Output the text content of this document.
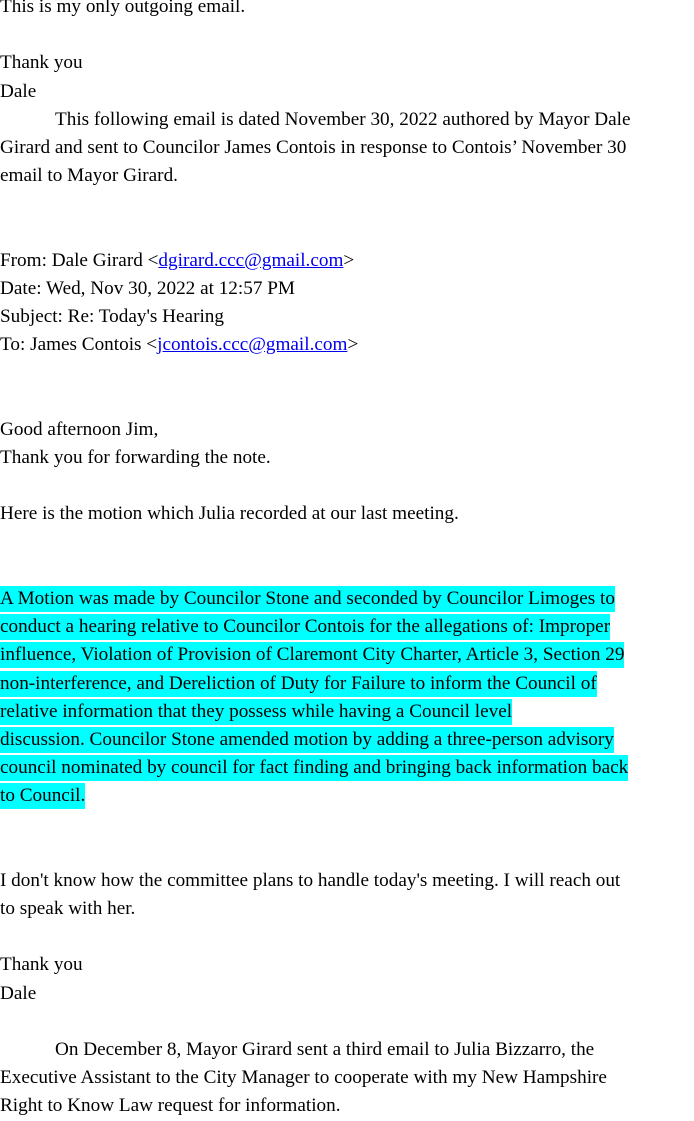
This is my only outgoing email.

Thank you

Dale

This following email is dated November 30, 2022 authored by Mayor Dale

Girard and sent to Councilor James Contois in response to Contois’ November 30

email to Mayor Girard.

From: Dale Girard <dgirard.ccc@gmail.com>

Date: Wed, Nov 30, 2022 at 12:57 PM

Subject: Re: Today's Hearing

To: James Contois <jcontois.ccc@gmail.com>

Good afternoon Jim,

Thank you for forwarding the note.

Here is the motion which Julia recorded at our last meeting.

A Motion was made by Councilor Stone and seconded by Councilor Limoges to
conduct a hearing relative to Councilor Contois for the allegations of: Improper
influence, Violation of Provision of Claremont City Charter, Article 3, Section 29
non-interference, and Dereliction of Duty for Failure to inform the Council of
relative information that they possess while having a Council level
discussion. Councilor Stone amended motion by adding a three-person advisory
council nominated by council for fact finding and bringing back information back
to Council.

I don't know how the committee plans to handle today's meeting. I will reach out

to speak with her.

Thank you

Dale

On December 8, Mayor Girard sent a third email to Julia Bizzarro, the

Executive Assistant to the City Manager to cooperate with my New Hampshire

Right to Know Law request for information.
